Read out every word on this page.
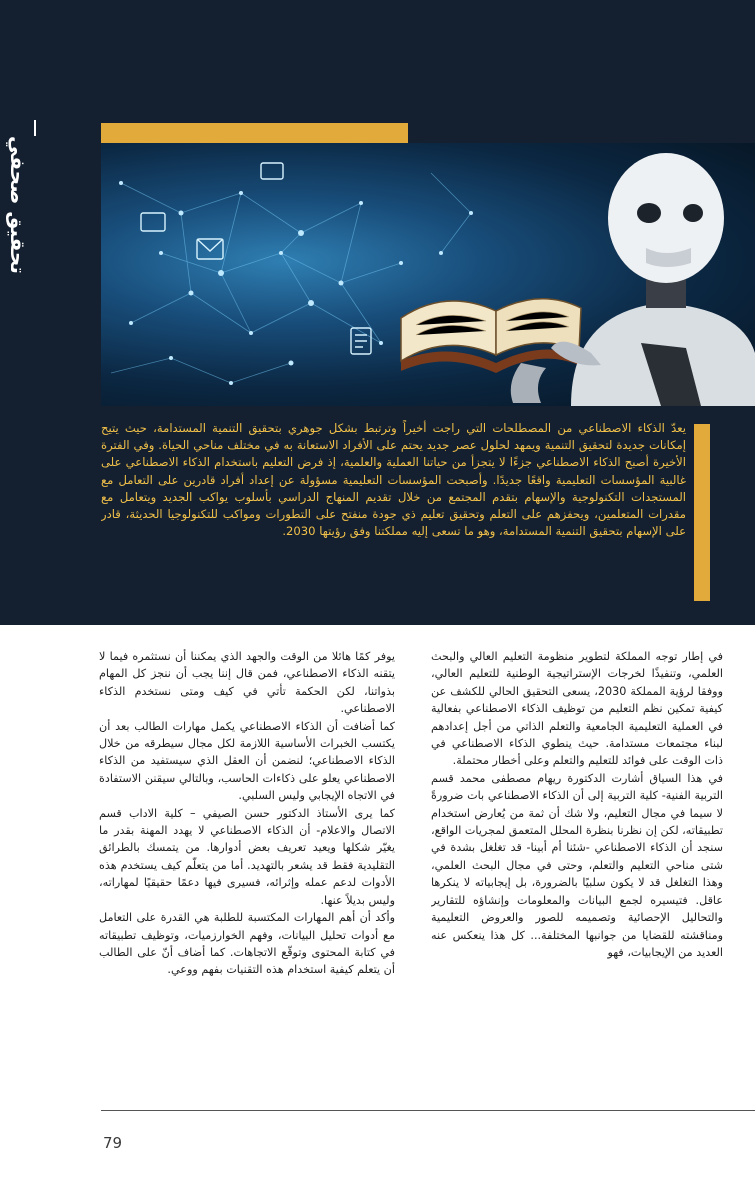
تحقيق صحفي

يعدّ الذكاء الاصطناعي من المصطلحات التي راجت أخيراً وترتبط بشكل جوهري بتحقيق التنمية المستدامة، حيث يتيح إمكانات جديدة لتحقيق التنمية ويمهد لحلول عصر جديد يحتم على الأفراد الاستعانة به في مختلف مناحي الحياة. وفي الفترة الأخيرة أصبح الذكاء الاصطناعي جزءًا لا يتجزأ من حياتنا العملية والعلمية، إذ فرض التعليم باستخدام الذكاء الاصطناعي على غالبية المؤسسات التعليمية واقعًا جديدًا. وأصبحت المؤسسات التعليمية مسؤولة عن إعداد أفراد قادرين على التعامل مع المستجدات التكنولوجية والإسهام بتقدم المجتمع من خلال تقديم المنهاج الدراسي بأسلوب يواكب الجديد ويتعامل مع مقدرات المتعلمين، ويحفزهم على التعلم وتحقيق تعليم ذي جودة منفتح على التطورات ومواكب للتكنولوجيا الحديثة، قادر على الإسهام بتحقيق التنمية المستدامة، وهو ما تسعى إليه مملكتنا وفق رؤيتها 2030.

في إطار توجه المملكة لتطوير منظومة التعليم العالي والبحث العلمي، وتنفيذًا لخرجات الإستراتيجية الوطنية للتعليم العالي، ووفقا لرؤية المملكة 2030، يسعى التحقيق الحالي للكشف عن كيفية تمكين نظم التعليم من توظيف الذكاء الاصطناعي بفعالية في العملية التعليمية الجامعية والتعلم الذاتي من أجل إعدادهم لبناء مجتمعات مستدامة. حيث ينطوي الذكاء الاصطناعي في ذات الوقت على فوائد للتعليم والتعلم وعلى أخطار محتملة.

في هذا السياق أشارت الدكتورة ريهام مصطفى محمد قسم التربية الفنية- كلية التربية إلى أن الذكاء الاصطناعي بات ضرورةً لا سيما في مجال التعليم، ولا شك أن ثمة من يُعارض استخدام تطبيقاته، لكن إن نظرنا بنظرة المحلل المتعمق لمجريات الواقع، سنجد أن الذكاء الاصطناعي -شئنا أم أبينا- قد تغلغل بشدة في شتى مناحي التعليم والتعلم، وحتى في مجال البحث العلمي، وهذا التغلغل قد لا يكون سلبيًا بالضرورة، بل إيجابياته لا ينكرها عاقل. فتيسيره لجمع البيانات والمعلومات وإنشاؤه للتقارير والتحاليل الإحصائية وتصميمه للصور والعروض التعليمية ومناقشته للقضايا من جوانبها المختلفة... كل هذا ينعكس عنه العديد من الإيجابيات، فهو

يوفر كمًا هائلا من الوقت والجهد الذي يمكننا أن نستثمره فيما لا يتقنه الذكاء الاصطناعي، فمن قال إننا يجب أن ننجز كل المهام بذواتنا، لكن الحكمة تأتي في كيف ومتى نستخدم الذكاء الاصطناعي.

كما أضافت أن الذكاء الاصطناعي يكمل مهارات الطالب بعد أن يكتسب الخبرات الأساسية اللازمة لكل مجال سيطرقه من خلال الذكاء الاصطناعي؛ لنضمن أن العقل الذي سيستفيد من الذكاء الاصطناعي يعلو على ذكاءات الحاسب، وبالتالي سيقنن الاستفادة في الاتجاه الإيجابي وليس السلبي.

كما يرى الأستاذ الدكتور حسن الصيفي – كلية الاداب قسم الاتصال والاعلام- أن الذكاء الاصطناعي لا يهدد المهنة بقدر ما يغيّر شكلها ويعيد تعريف بعض أدوارها. من يتمسك بالطرائق التقليدية فقط قد يشعر بالتهديد. أما من يتعلّم كيف يستخدم هذه الأدوات لدعم عمله وإثرائه، فسيرى فيها دعمًا حقيقيًا لمهاراته، وليس بديلاً عنها.

وأكد أن أهم المهارات المكتسبة للطلبة هي القدرة على التعامل مع أدوات تحليل البيانات، وفهم الخوارزميات، وتوظيف تطبيقاته في كتابة المحتوى وتوقّع الاتجاهات. كما أضاف أنّ على الطالب أن يتعلم كيفية استخدام هذه التقنيات بفهم ووعي.

79
